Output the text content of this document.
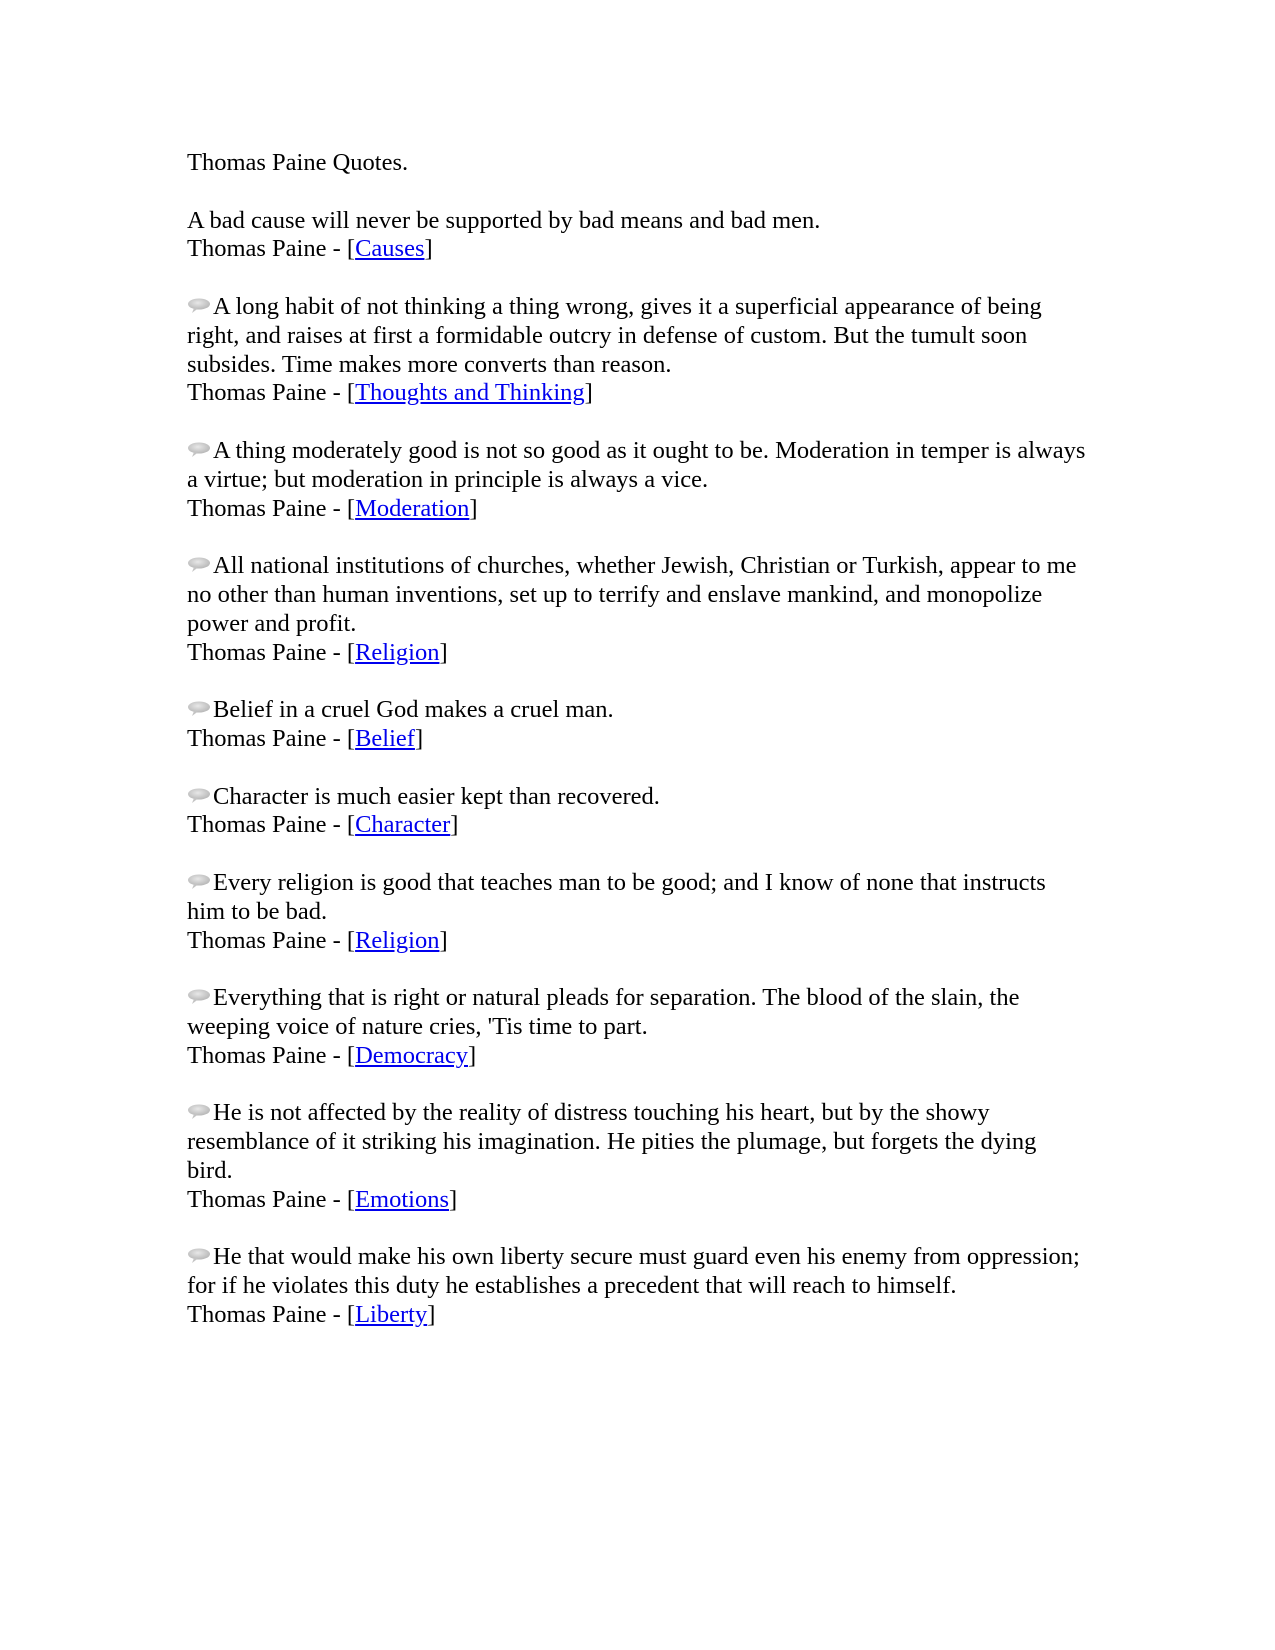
Thomas Paine Quotes.
A bad cause will never be supported by bad means and bad men.
Thomas Paine - [Causes]
A long habit of not thinking a thing wrong, gives it a superficial appearance of being right, and raises at first a formidable outcry in defense of custom. But the tumult soon subsides. Time makes more converts than reason.
Thomas Paine - [Thoughts and Thinking]
A thing moderately good is not so good as it ought to be. Moderation in temper is always a virtue; but moderation in principle is always a vice.
Thomas Paine - [Moderation]
All national institutions of churches, whether Jewish, Christian or Turkish, appear to me no other than human inventions, set up to terrify and enslave mankind, and monopolize power and profit.
Thomas Paine - [Religion]
Belief in a cruel God makes a cruel man.
Thomas Paine - [Belief]
Character is much easier kept than recovered.
Thomas Paine - [Character]
Every religion is good that teaches man to be good; and I know of none that instructs him to be bad.
Thomas Paine - [Religion]
Everything that is right or natural pleads for separation. The blood of the slain, the weeping voice of nature cries, 'Tis time to part.
Thomas Paine - [Democracy]
He is not affected by the reality of distress touching his heart, but by the showy resemblance of it striking his imagination. He pities the plumage, but forgets the dying bird.
Thomas Paine - [Emotions]
He that would make his own liberty secure must guard even his enemy from oppression; for if he violates this duty he establishes a precedent that will reach to himself.
Thomas Paine - [Liberty]
